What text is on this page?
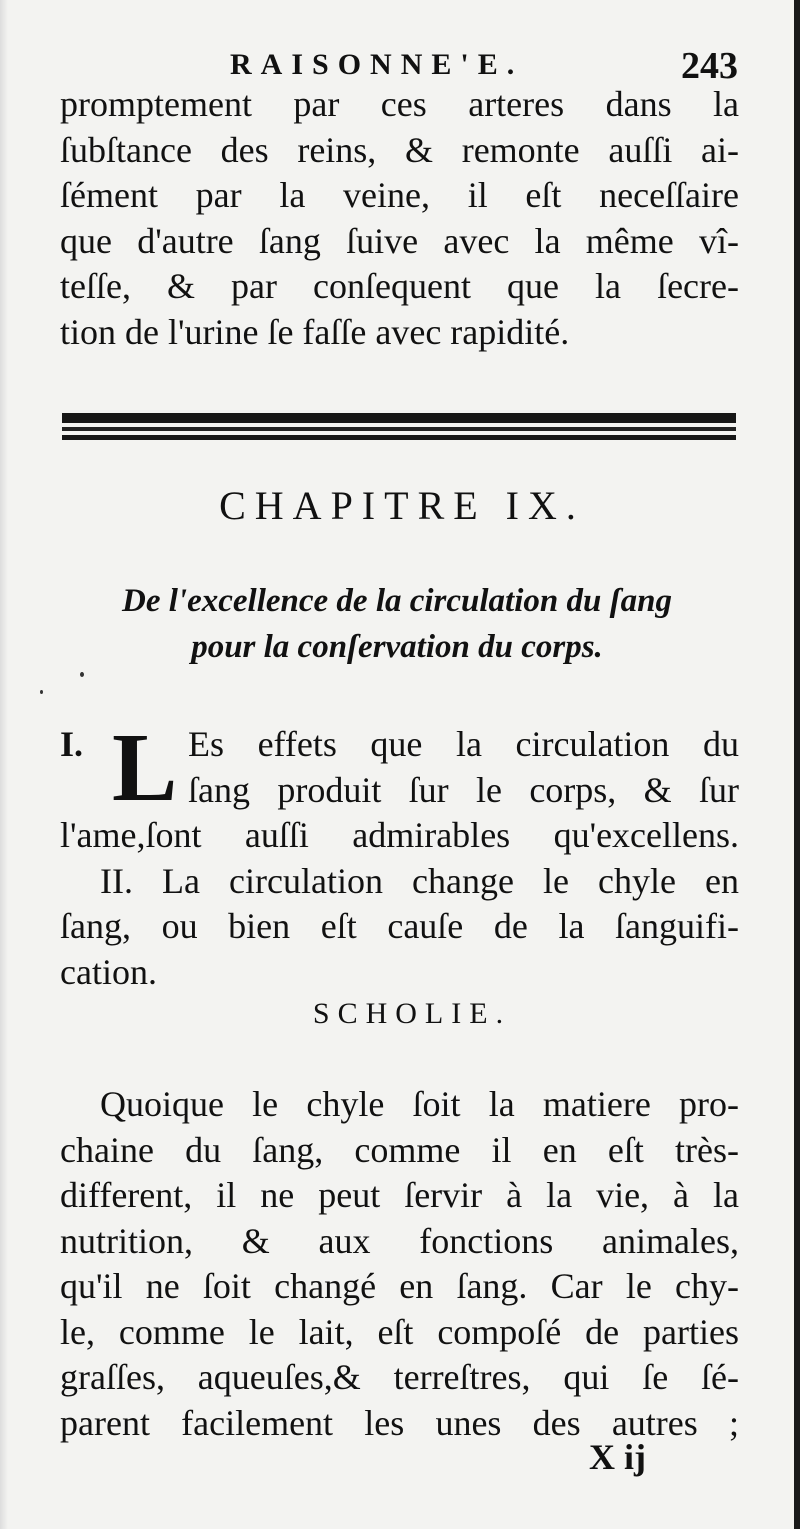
RAISONNE'E.	243
promptement par ces arteres dans la
ſubſtance des reins, & remonte auſſi ai-
ſément par la veine, il eſt neceſſaire
que d'autre ſang ſuive avec la même vî-
teſſe, & par conſequent que la ſecre-
tion de l'urine ſe faſſe avec rapidité.
CHAPITRE IX.
De l'excellence de la circulation du ſang
pour la conſervation du corps.
I. L Es effets que la circulation du
ſang produit ſur le corps, & ſur
l'ame,ſont auſſi admirables qu'excellens.
II. La circulation change le chyle en
ſang, ou bien eſt cauſe de la ſanguifi-
cation.
SCHOLIE.
Quoique le chyle ſoit la matiere pro-
chaine du ſang, comme il en eſt très-
different, il ne peut ſervir à la vie, à la
nutrition, & aux fonctions animales,
qu'il ne ſoit changé en ſang. Car le chy-
le, comme le lait, eſt compoſé de parties
graſſes, aqueuſes,& terreſtres, qui ſe ſé-
parent facilement les unes des autres ;
X ij
